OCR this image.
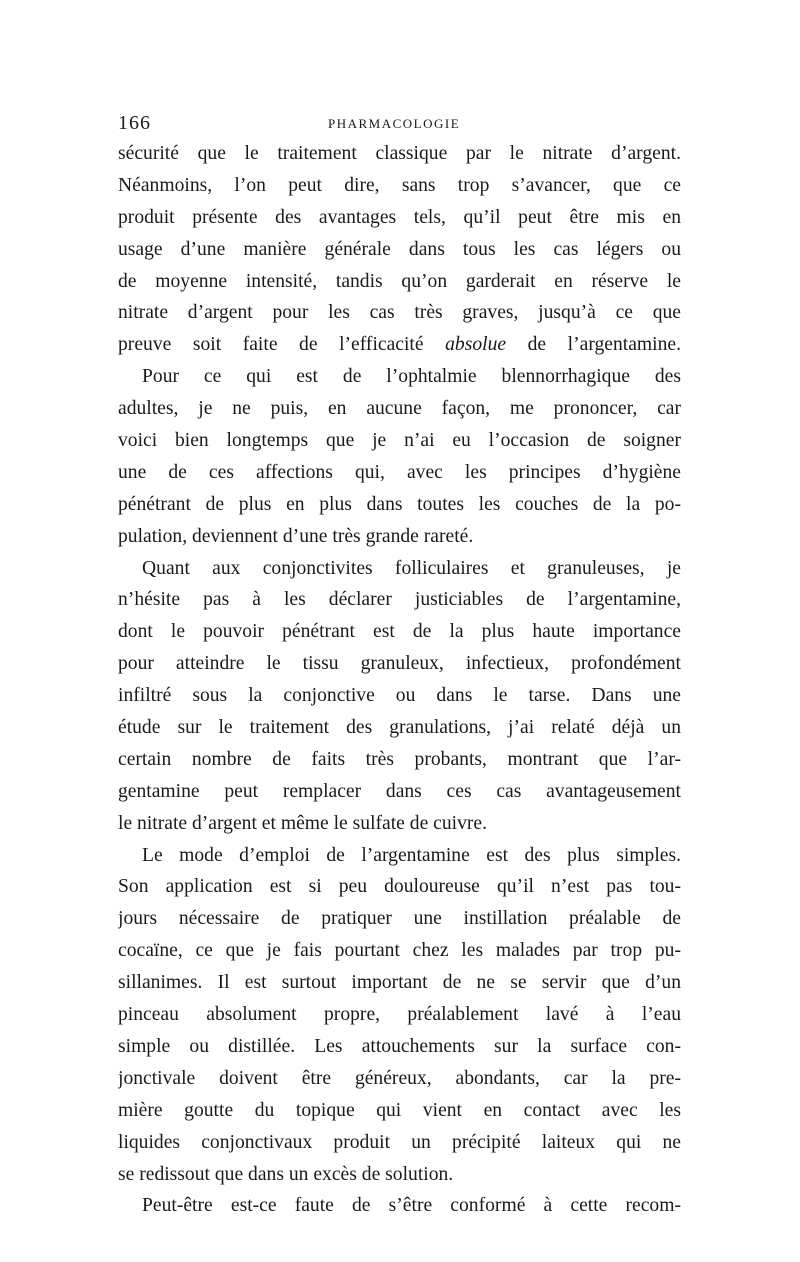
166	PHARMACOLOGIE
sécurité que le traitement classique par le nitrate d’argent.
Néanmoins, l’on peut dire, sans trop s’avancer, que ce
produit présente des avantages tels, qu’il peut être mis en
usage d’une manière générale dans tous les cas légers ou
de moyenne intensité, tandis qu’on garderait en réserve le
nitrate d’argent pour les cas très graves, jusqu’à ce que
preuve soit faite de l’efficacité absolue de l’argentamine.
Pour ce qui est de l’ophtalmie blennorrhagique des
adultes, je ne puis, en aucune façon, me prononcer, car
voici bien longtemps que je n’ai eu l’occasion de soigner
une de ces affections qui, avec les principes d’hygiène
pénétrant de plus en plus dans toutes les couches de la po-
pulation, deviennent d’une très grande rareté.
Quant aux conjonctivites folliculaires et granuleuses, je
n’hésite pas à les déclarer justiciables de l’argentamine,
dont le pouvoir pénétrant est de la plus haute importance
pour atteindre le tissu granuleux, infectieux, profondément
infiltré sous la conjonctive ou dans le tarse. Dans une
étude sur le traitement des granulations, j’ai relaté déjà un
certain nombre de faits très probants, montrant que l’ar-
gentamine peut remplacer dans ces cas avantageusement
le nitrate d’argent et même le sulfate de cuivre.
Le mode d’emploi de l’argentamine est des plus simples.
Son application est si peu douloureuse qu’il n’est pas tou-
jours nécessaire de pratiquer une instillation préalable de
cocaïne, ce que je fais pourtant chez les malades par trop pu-
sillanimes. Il est surtout important de ne se servir que d’un
pinceau absolument propre, préalablement lavé à l’eau
simple ou distillée. Les attouchements sur la surface con-
jonctivale doivent être généreux, abondants, car la pre-
mière goutte du topique qui vient en contact avec les
liquides conjonctivaux produit un précipité laiteux qui ne
se redissout que dans un excès de solution.
Peut-être est-ce faute de s’être conformé à cette recom-
